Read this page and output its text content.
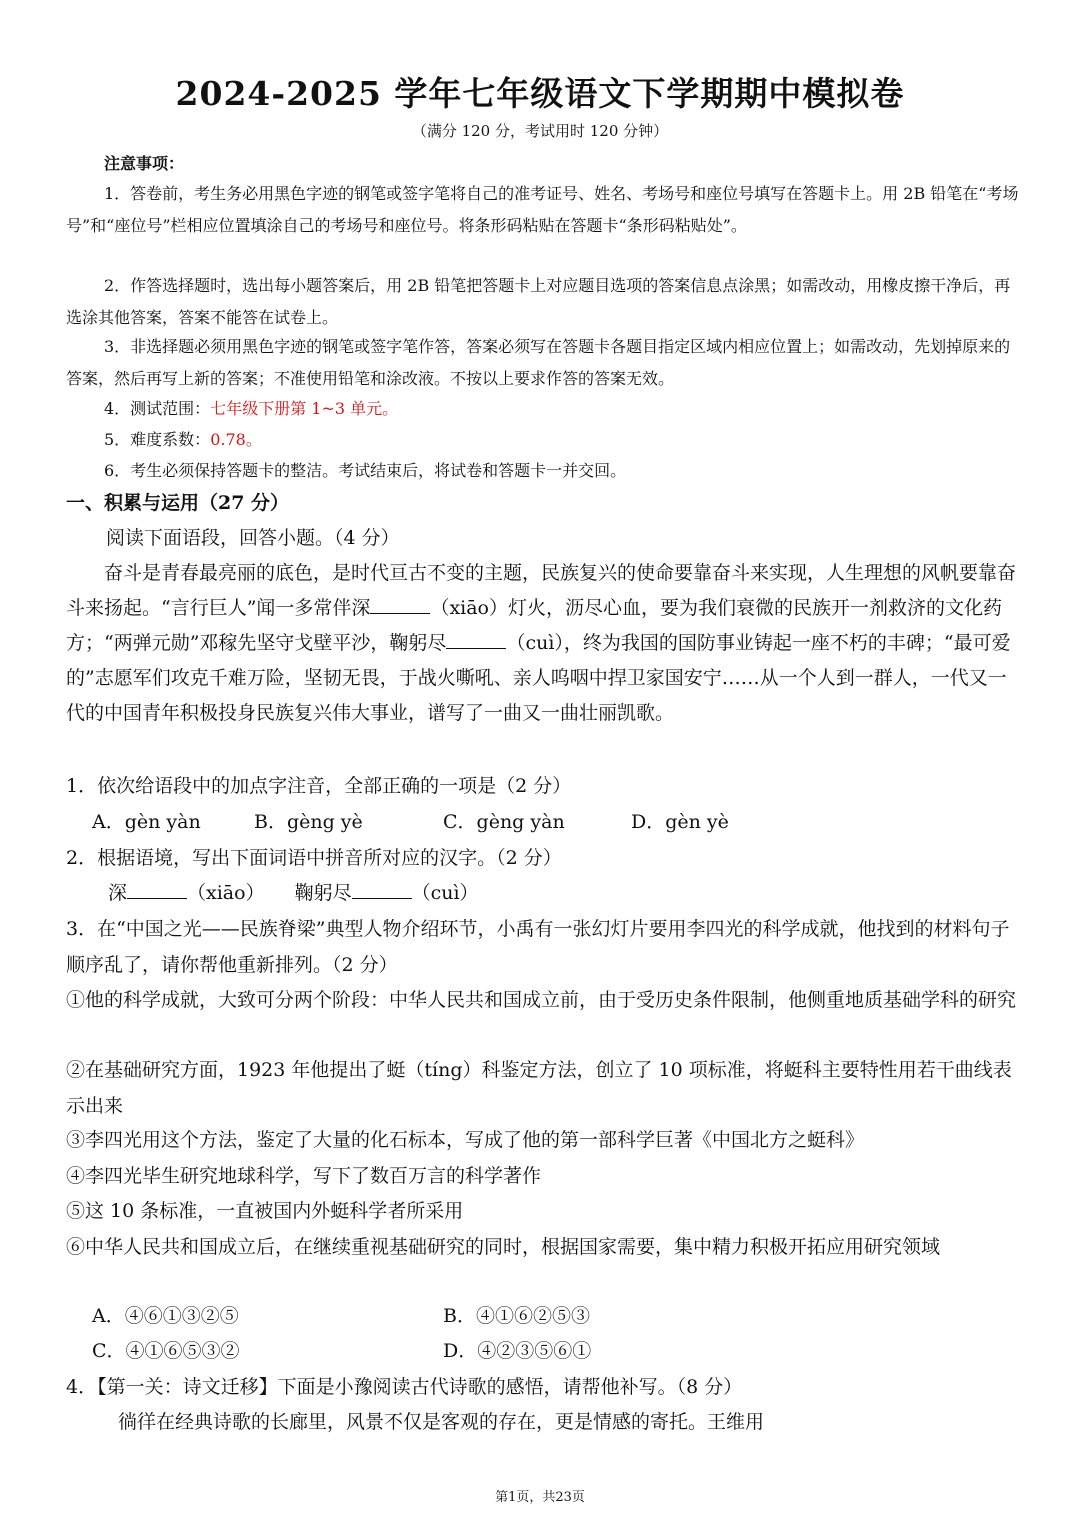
2024-2025 学年七年级语文下学期期中模拟卷
（满分 120 分，考试用时 120 分钟）
注意事项：
1．答卷前，考生务必用黑色字迹的钢笔或签字笔将自己的准考证号、姓名、考场号和座位号填写在答题卡上。用 2B 铅笔在“考场号”和“座位号”栏相应位置填涂自己的考场号和座位号。将条形码粘贴在答题卡“条形码粘贴处”。
2．作答选择题时，选出每小题答案后，用 2B 铅笔把答题卡上对应题目选项的答案信息点涂黑；如需改动，用橡皮擦干净后，再选涂其他答案，答案不能答在试卷上。
3．非选择题必须用黑色字迹的钢笔或签字笔作答，答案必须写在答题卡各题目指定区域内相应位置上；如需改动，先划掉原来的答案，然后再写上新的答案；不准使用铅笔和涂改液。不按以上要求作答的答案无效。
4．测试范围：七年级下册第 1~3 单元。
5．难度系数：0.78。
6．考生必须保持答题卡的整洁。考试结束后，将试卷和答题卡一并交回。
一、积累与运用（27 分）
阅读下面语段，回答小题。（4 分）
奋斗是青春最亮丽的底色，是时代亘古不变的主题，民族复兴的使命要靠奋斗来实现，人生理想的风帆要靠奋斗来扬起。“言行巨人”闻一多常伴深	（xiāo）灯火，沥尽心血，要为我们衰微的民族开一剂救济的文化药方；“两弹元勋”邓稼先坚守戈壁平沙，鞠躬尽	（cuì），终为我国的国防事业铸起一座不朽的丰碑；“最可爱的”志愿军们攻克千难万险，坚韧无畏，于战火嘶吼、亲人呜咽中捍卫家国安宁……从一个人到一群人，一代又一代的中国青年积极投身民族复兴伟大事业，谱写了一曲又一曲壮丽凯歌。
1．依次给语段中的加点字注音，全部正确的一项是（2 分）
A．gèn yàn	B．gèng yè	C．gèng yàn	D．gèn yè
2．根据语境，写出下面词语中拼音所对应的汉字。（2 分）
深	（xiāo） 鞠躬尽	（cuì）
3．在“中国之光——民族脊梁”典型人物介绍环节，小禹有一张幻灯片要用李四光的科学成就，他找到的材料句子顺序乱了，请你帮他重新排列。（2 分）
①他的科学成就，大致可分两个阶段：中华人民共和国成立前，由于受历史条件限制，他侧重地质基础学科的研究
②在基础研究方面，1923 年他提出了蜓（tíng）科鉴定方法，创立了 10 项标准，将蜓科主要特性用若干曲线表示出来
③李四光用这个方法，鉴定了大量的化石标本，写成了他的第一部科学巨著《中国北方之蜓科》
④李四光毕生研究地球科学，写下了数百万言的科学著作
⑤这 10 条标准，一直被国内外蜓科学者所采用
⑥中华人民共和国成立后，在继续重视基础研究的同时，根据国家需要，集中精力积极开拓应用研究领域
A．④⑥①③②⑤	B．④①⑥②⑤③
C．④①⑥⑤③②	D．④②③⑤⑥①
4．【第一关：诗文迁移】下面是小豫阅读古代诗歌的感悟，请帮他补写。（8 分）
徜徉在经典诗歌的长廊里，风景不仅是客观的存在，更是情感的寄托。王维用
第1页，共23页
